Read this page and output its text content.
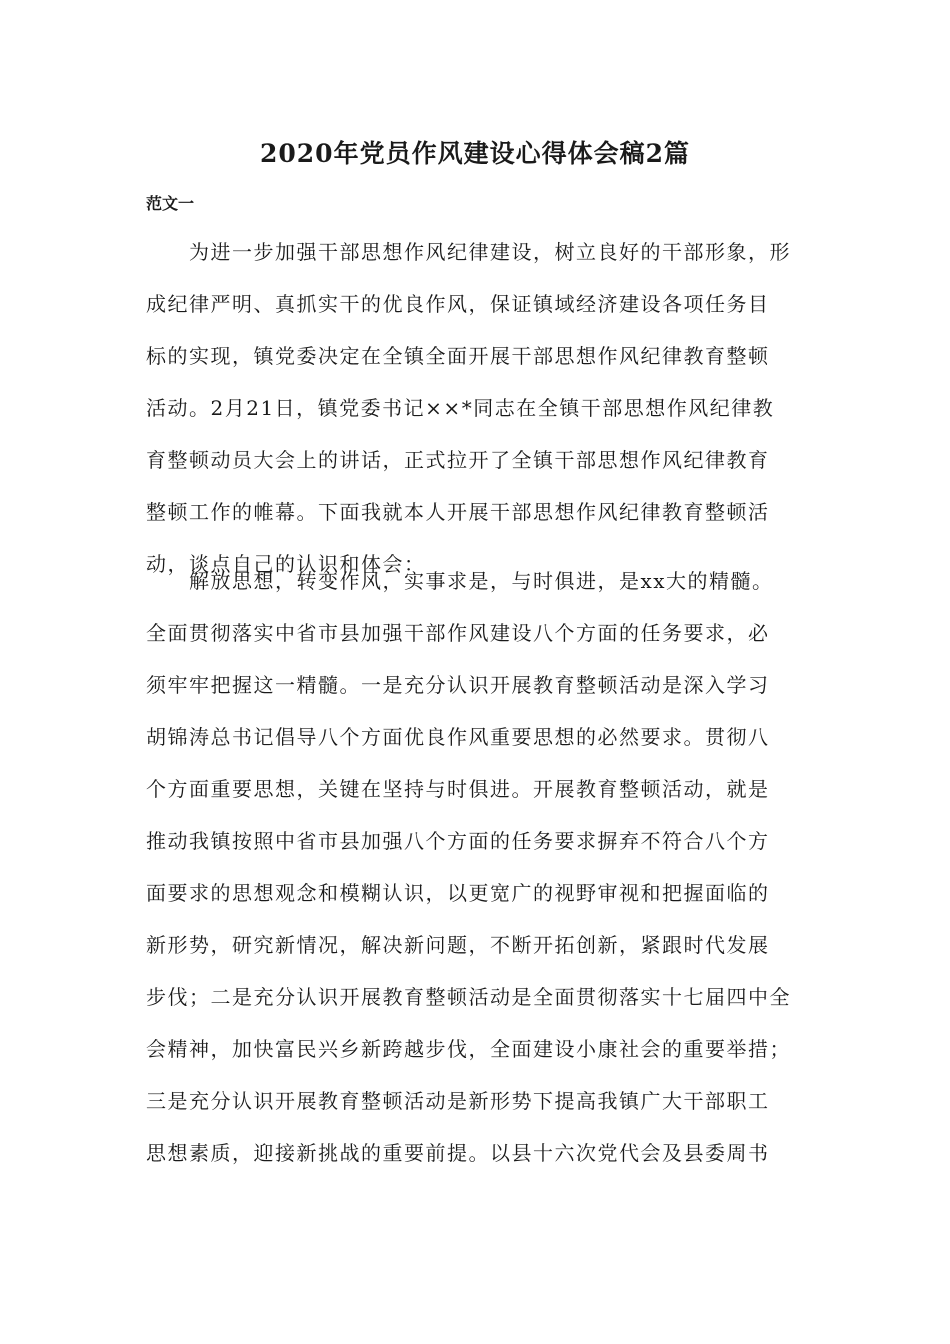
2020年党员作风建设心得体会稿2篇
范文一
　　为进一步加强干部思想作风纪律建设，树立良好的干部形象，形
成纪律严明、真抓实干的优良作风，保证镇域经济建设各项任务目
标的实现，镇党委决定在全镇全面开展干部思想作风纪律教育整顿
活动。2月21日，镇党委书记××*同志在全镇干部思想作风纪律教
育整顿动员大会上的讲话，正式拉开了全镇干部思想作风纪律教育
整顿工作的帷幕。下面我就本人开展干部思想作风纪律教育整顿活
动，谈点自己的认识和体会：
　　解放思想，转变作风，实事求是，与时俱进，是xx大的精髓。
全面贯彻落实中省市县加强干部作风建设八个方面的任务要求，必
须牢牢把握这一精髓。一是充分认识开展教育整顿活动是深入学习
胡锦涛总书记倡导八个方面优良作风重要思想的必然要求。贯彻八
个方面重要思想，关键在坚持与时俱进。开展教育整顿活动，就是
推动我镇按照中省市县加强八个方面的任务要求摒弃不符合八个方
面要求的思想观念和模糊认识，以更宽广的视野审视和把握面临的
新形势，研究新情况，解决新问题，不断开拓创新，紧跟时代发展
步伐；二是充分认识开展教育整顿活动是全面贯彻落实十七届四中全
会精神，加快富民兴乡新跨越步伐，全面建设小康社会的重要举措；
三是充分认识开展教育整顿活动是新形势下提高我镇广大干部职工
思想素质，迎接新挑战的重要前提。以县十六次党代会及县委周书
